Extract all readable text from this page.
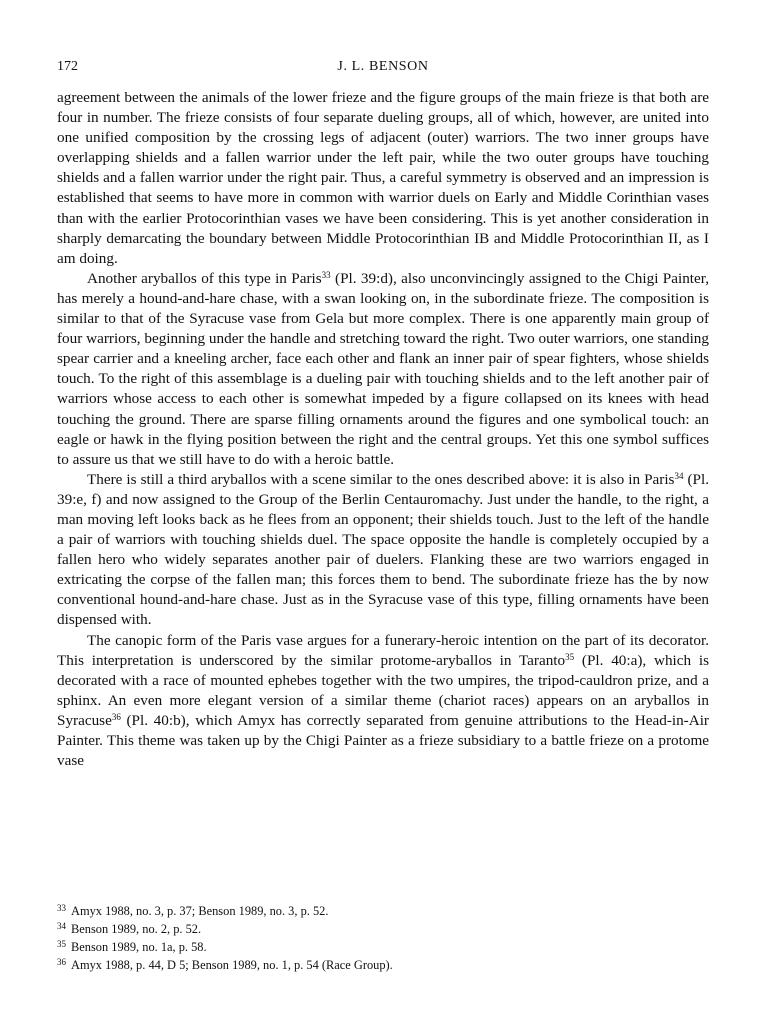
172	J. L. BENSON

agreement between the animals of the lower frieze and the figure groups of the main frieze is that both are four in number. The frieze consists of four separate dueling groups, all of which, however, are united into one unified composition by the crossing legs of adjacent (outer) warriors. The two inner groups have overlapping shields and a fallen warrior under the left pair, while the two outer groups have touching shields and a fallen warrior under the right pair. Thus, a careful symmetry is observed and an impression is established that seems to have more in common with warrior duels on Early and Middle Corinthian vases than with the earlier Protocorinthian vases we have been considering. This is yet another consideration in sharply demarcating the boundary between Middle Protocorinthian IB and Middle Protocorinthian II, as I am doing.

Another aryballos of this type in Paris$^{33}$ (Pl. 39:d), also unconvincingly assigned to the Chigi Painter, has merely a hound-and-hare chase, with a swan looking on, in the subordinate frieze. The composition is similar to that of the Syracuse vase from Gela but more complex. There is one apparently main group of four warriors, beginning under the handle and stretching toward the right. Two outer warriors, one standing spear carrier and a kneeling archer, face each other and flank an inner pair of spear fighters, whose shields touch. To the right of this assemblage is a dueling pair with touching shields and to the left another pair of warriors whose access to each other is somewhat impeded by a figure collapsed on its knees with head touching the ground. There are sparse filling ornaments around the figures and one symbolical touch: an eagle or hawk in the flying position between the right and the central groups. Yet this one symbol suffices to assure us that we still have to do with a heroic battle.

There is still a third aryballos with a scene similar to the ones described above: it is also in Paris$^{34}$ (Pl. 39:e, f) and now assigned to the Group of the Berlin Centauromachy. Just under the handle, to the right, a man moving left looks back as he flees from an opponent; their shields touch. Just to the left of the handle a pair of warriors with touching shields duel. The space opposite the handle is completely occupied by a fallen hero who widely separates another pair of duelers. Flanking these are two warriors engaged in extricating the corpse of the fallen man; this forces them to bend. The subordinate frieze has the by now conventional hound-and-hare chase. Just as in the Syracuse vase of this type, filling ornaments have been dispensed with.

The canopic form of the Paris vase argues for a funerary-heroic intention on the part of its decorator. This interpretation is underscored by the similar protome-aryballos in Taranto$^{35}$ (Pl. 40:a), which is decorated with a race of mounted ephebes together with the two umpires, the tripod-cauldron prize, and a sphinx. An even more elegant version of a similar theme (chariot races) appears on an aryballos in Syracuse$^{36}$ (Pl. 40:b), which Amyx has correctly separated from genuine attributions to the Head-in-Air Painter. This theme was taken up by the Chigi Painter as a frieze subsidiary to a battle frieze on a protome vase

33 Amyx 1988, no. 3, p. 37; Benson 1989, no. 3, p. 52.
34 Benson 1989, no. 2, p. 52.
35 Benson 1989, no. 1a, p. 58.
36 Amyx 1988, p. 44, D 5; Benson 1989, no. 1, p. 54 (Race Group).
